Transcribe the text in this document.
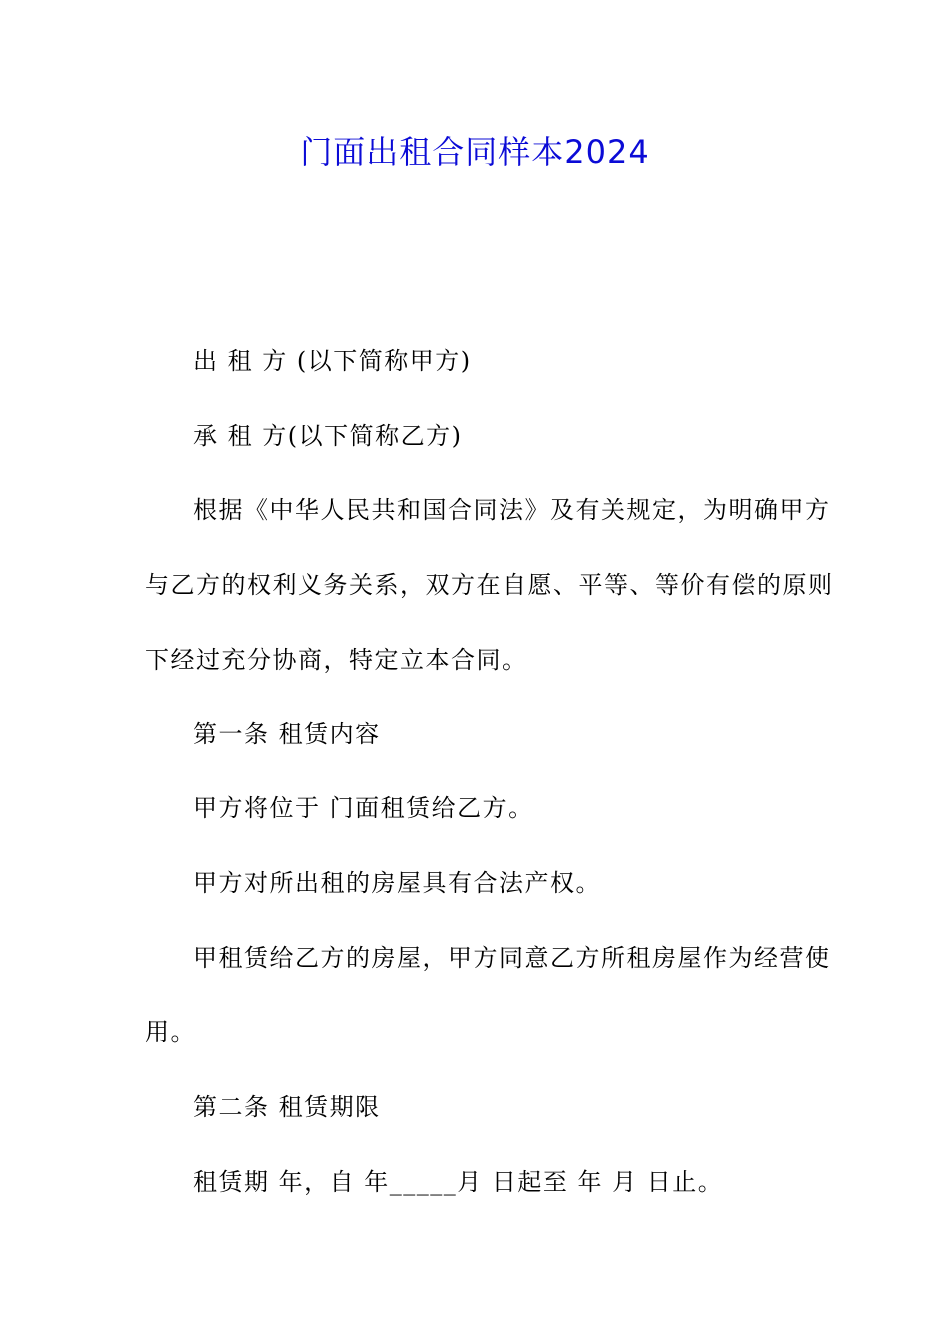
门面出租合同样本2024
出 租 方 (以下简称甲方)
承 租 方(以下简称乙方)
根据《中华人民共和国合同法》及有关规定，为明确甲方
与乙方的权利义务关系，双方在自愿、平等、等价有偿的原则
下经过充分协商，特定立本合同。
第一条 租赁内容
甲方将位于 门面租赁给乙方。
甲方对所出租的房屋具有合法产权。
甲租赁给乙方的房屋，甲方同意乙方所租房屋作为经营使
用。
第二条 租赁期限
租赁期 年，自 年_____月 日起至 年 月 日止。
